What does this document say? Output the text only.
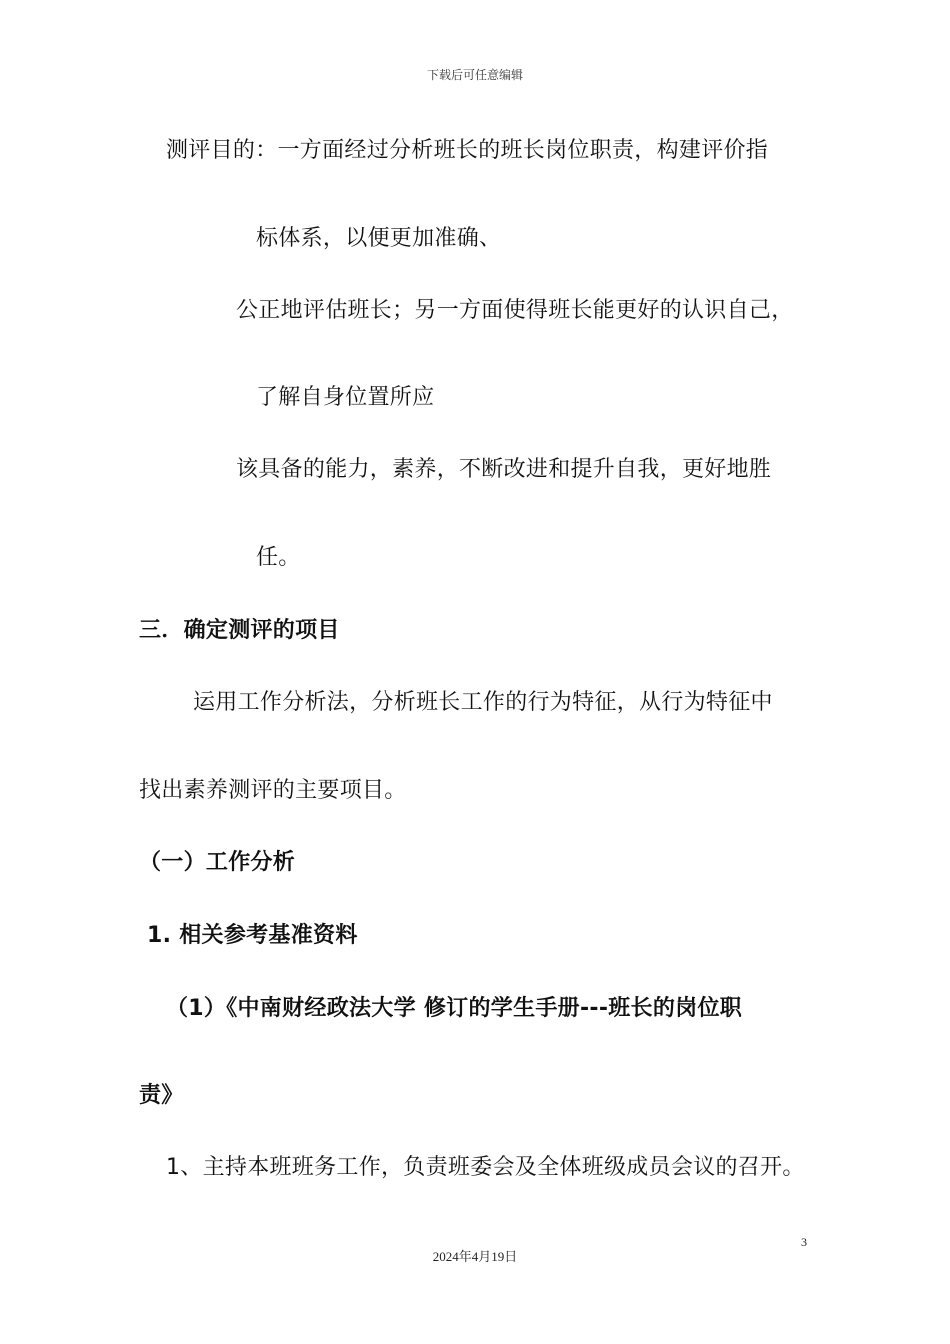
下载后可任意编辑
测评目的：一方面经过分析班长的班长岗位职责，构建评价指
标体系，以便更加准确、
公正地评估班长；另一方面使得班长能更好的认识自己，
了解自身位置所应
该具备的能力，素养，不断改进和提升自我，更好地胜
任。
三．确定测评的项目
运用工作分析法，分析班长工作的行为特征，从行为特征中
找出素养测评的主要项目。
（一）工作分析
1. 相关参考基准资料
（1）《中南财经政法大学 修订的学生手册---班长的岗位职
责》
1、主持本班班务工作，负责班委会及全体班级成员会议的召开。
3
2024年4月19日
